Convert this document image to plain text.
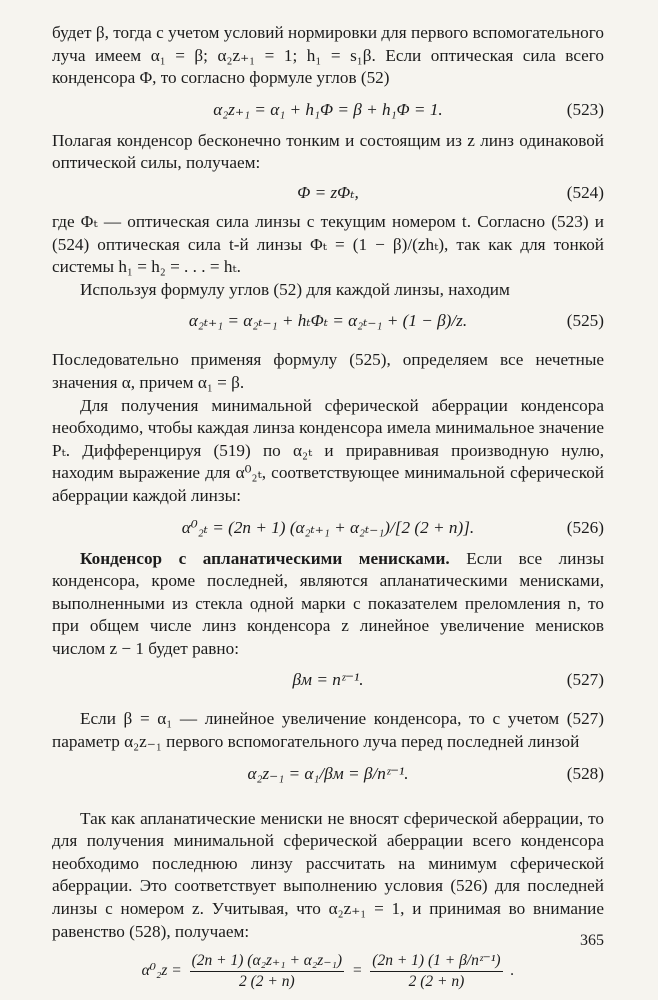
будет β, тогда с учетом условий нормировки для первого вспомогательного луча имеем α₁ = β; α₂z₊₁ = 1; h₁ = s₁β. Если оптическая сила всего конденсора Φ, то согласно формуле углов (52)

α₂z₊₁ = α₁ + h₁Φ = β + h₁Φ = 1.	(523)

Полагая конденсор бесконечно тонким и состоящим из z линз одинаковой оптической силы, получаем:

Φ = zΦₜ,	(524)

где Φₜ — оптическая сила линзы с текущим номером t. Согласно (523) и (524) оптическая сила t-й линзы Φₜ = (1 − β)/(zhₜ), так как для тонкой системы h₁ = h₂ = . . . = hₜ.

Используя формулу углов (52) для каждой линзы, находим

α₂ₜ₊₁ = α₂ₜ₋₁ + hₜΦₜ = α₂ₜ₋₁ + (1 − β)/z.	(525)

Последовательно применяя формулу (525), определяем все нечетные значения α, причем α₁ = β.

Для получения минимальной сферической аберрации конденсора необходимо, чтобы каждая линза конденсора имела минимальное значение Pₜ. Дифференцируя (519) по α₂ₜ и приравнивая производную нулю, находим выражение для α⁰₂ₜ, соответствующее минимальной сферической аберрации каждой линзы:

α⁰₂ₜ = (2n + 1) (α₂ₜ₊₁ + α₂ₜ₋₁)/[2 (2 + n)].	(526)

Конденсор с апланатическими менисками. Если все линзы конденсора, кроме последней, являются апланатическими менисками, выполненными из стекла одной марки с показателем преломления n, то при общем числе линз конденсора z линейное увеличение менисков числом z − 1 будет равно:

βм = nᶻ⁻¹.	(527)

Если β = α₁ — линейное увеличение конденсора, то с учетом (527) параметр α₂z₋₁ первого вспомогательного луча перед последней линзой

α₂z₋₁ = α₁/βм = β/nᶻ⁻¹.	(528)

Так как апланатические мениски не вносят сферической аберрации, то для получения минимальной сферической аберрации всего конденсора необходимо последнюю линзу рассчитать на минимум сферической аберрации. Это соответствует выполнению условия (526) для последней линзы с номером z. Учитывая, что α₂z₊₁ = 1, и принимая во внимание равенство (528), получаем:

$\alpha^0_2z = \frac{\text{(2n + 1) (α₂z₊₁ + α₂z₋₁)}}{2 (2 + n)} = \frac{\text{(2n + 1) (1 + β/nᶻ⁻¹)}}{2 (2 + n)}$ .
365
